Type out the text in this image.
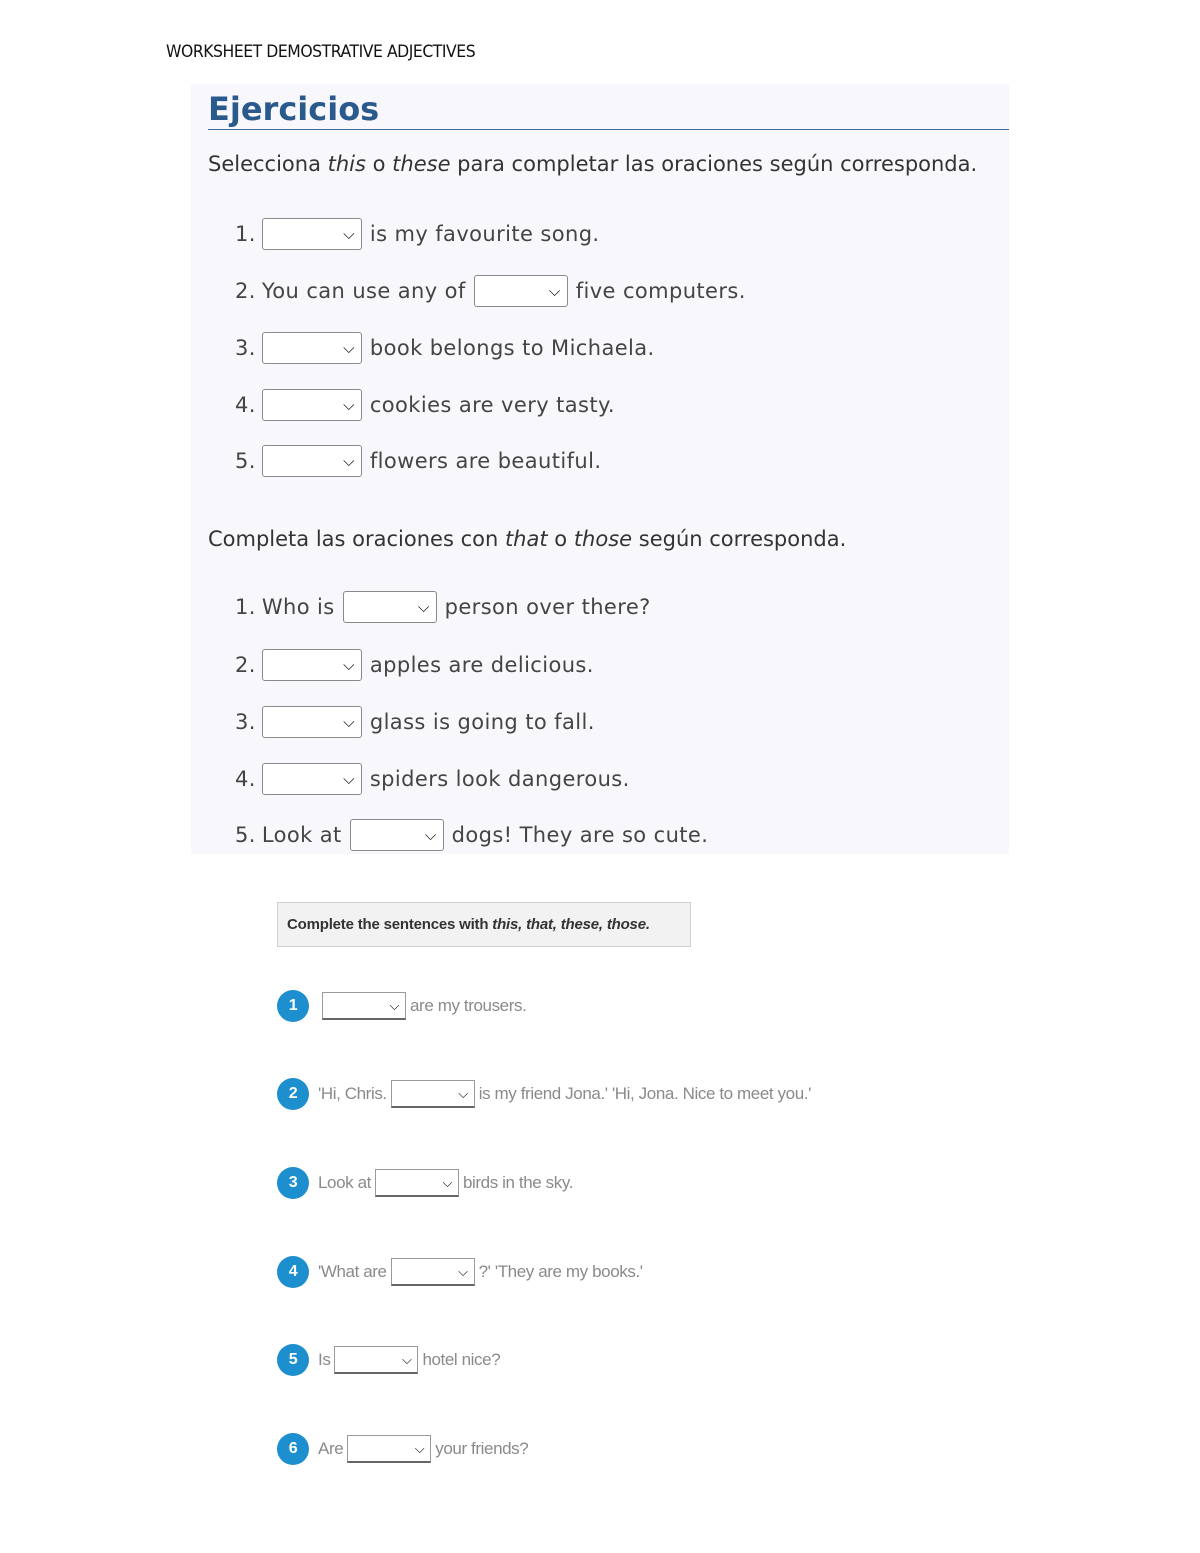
WORKSHEET DEMOSTRATIVE ADJECTIVES
Ejercicios
Selecciona this o these para completar las oraciones según corresponda.
1.	⌵ is my favourite song.
2. You can use any of	⌵ five computers.
3.	⌵ book belongs to Michaela.
4.	⌵ cookies are very tasty.
5.	⌵ flowers are beautiful.
Completa las oraciones con that o those según corresponda.
1. Who is	⌵ person over there?
2.	⌵ apples are delicious.
3.	⌵ glass is going to fall.
4.	⌵ spiders look dangerous.
5. Look at	⌵ dogs! They are so cute.
Complete the sentences with
this, that, these, those.
1	⌵ are my trousers.
2	'Hi, Chris.	⌵ is my friend Jona.' 'Hi, Jona. Nice to meet you.'
3	Look at	⌵ birds in the sky.
4	'What are	⌵ ?' 'They are my books.'
5	Is	⌵ hotel nice?
6	Are	⌵ your friends?
